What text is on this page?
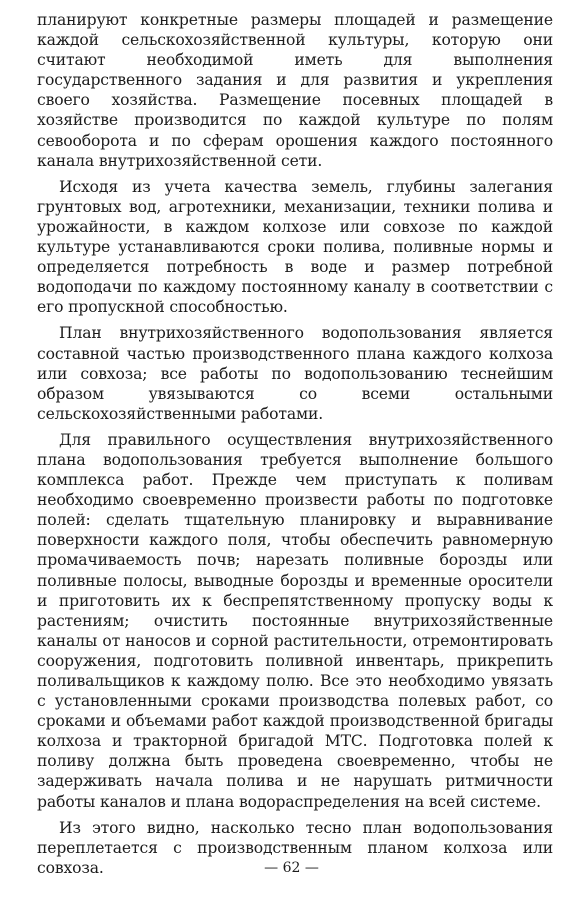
планируют конкретные размеры площадей и размещение каждой сельскохозяйственной культуры, которую они считают необходимой иметь для выполнения государственного задания и для развития и укрепления своего хозяйства. Размещение посевных площадей в хозяйстве производится по каждой культуре по полям севооборота и по сферам орошения каждого постоянного канала внутрихозяйственной сети.

Исходя из учета качества земель, глубины залегания грунтовых вод, агротехники, механизации, техники полива и урожайности, в каждом колхозе или совхозе по каждой культуре устанавливаются сроки полива, поливные нормы и определяется потребность в воде и размер потребной водоподачи по каждому постоянному каналу в соответствии с его пропускной способностью.

План внутрихозяйственного водопользования является составной частью производственного плана каждого колхоза или совхоза; все работы по водопользованию теснейшим образом увязываются со всеми остальными сельскохозяйственными работами.

Для правильного осуществления внутрихозяйственного плана водопользования требуется выполнение большого комплекса работ. Прежде чем приступать к поливам необходимо своевременно произвести работы по подготовке полей: сделать тщательную планировку и выравнивание поверхности каждого поля, чтобы обеспечить равномерную промачиваемость почв; нарезать поливные борозды или поливные полосы, выводные борозды и временные оросители и приготовить их к беспрепятственному пропуску воды к растениям; очистить постоянные внутрихозяйственные каналы от наносов и сорной растительности, отремонтировать сооружения, подготовить поливной инвентарь, прикрепить поливальщиков к каждому полю. Все это необходимо увязать с установленными сроками производства полевых работ, со сроками и объемами работ каждой производственной бригады колхоза и тракторной бригадой МТС. Подготовка полей к поливу должна быть проведена своевременно, чтобы не задерживать начала полива и не нарушать ритмичности работы каналов и плана водораспределения на всей системе.

Из этого видно, насколько тесно план водопользования переплетается с производственным планом колхоза или совхоза.	— 62 —
